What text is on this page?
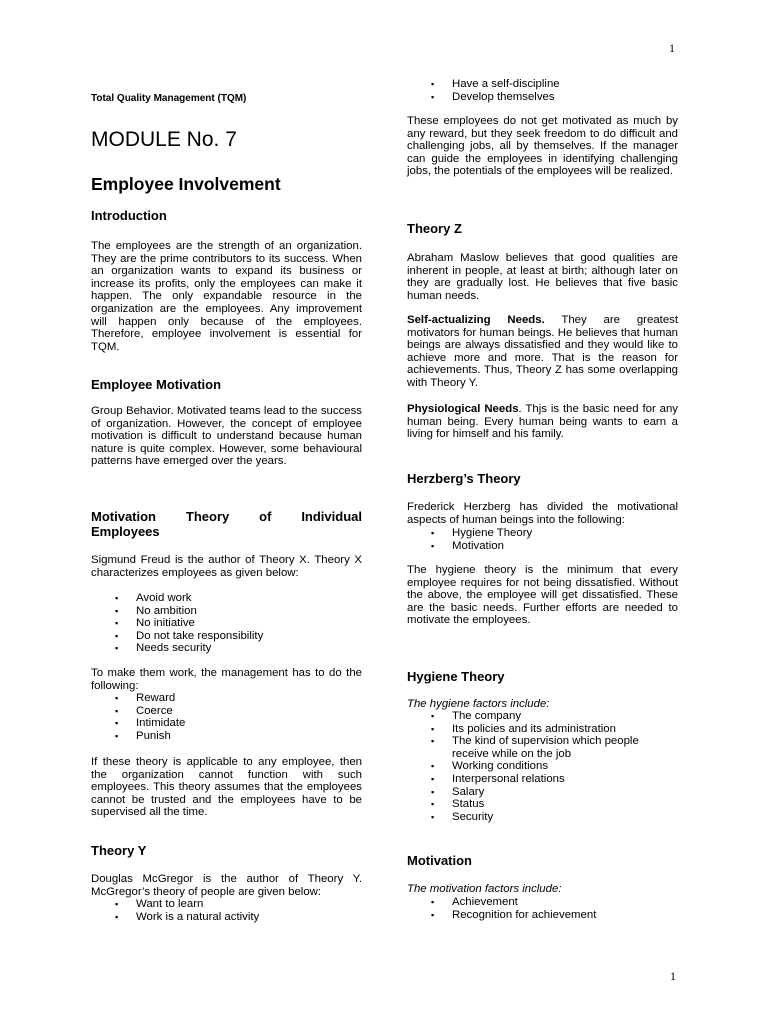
1
1
Total Quality Management (TQM)
MODULE No. 7
Employee Involvement
Introduction

The employees are the strength of an organization. They are the prime contributors to its success. When an organization wants to expand its business or increase its profits, only the employees can make it happen. The only expandable resource in the organization are the employees. Any improvement will happen only because of the employees. Therefore, employee involvement is essential for TQM.

Employee Motivation

Group Behavior. Motivated teams lead to the success of organization. However, the concept of employee motivation is difficult to understand because human nature is quite complex. However, some behavioural patterns have emerged over the years.

Motivation Theory of Individual
Employees

Sigmund Freud is the author of Theory X. Theory X characterizes employees as given below:

▪ Avoid work
▪ No ambition
▪ No initiative
▪ Do not take responsibility
▪ Needs security

To make them work, the management has to do the following:

▪ Reward
▪ Coerce
▪ Intimidate
▪ Punish

If these theory is applicable to any employee, then the organization cannot function with such employees. This theory assumes that the employees cannot be trusted and the employees have to be supervised all the time.

Theory Y

Douglas McGregor is the author of Theory Y. McGregor’s theory of people are given below:

▪ Want to learn
▪ Work is a natural activity
▪ Have a self-discipline
▪ Develop themselves

These employees do not get motivated as much by any reward, but they seek freedom to do difficult and challenging jobs, all by themselves. If the manager can guide the employees in identifying challenging jobs, the potentials of the employees will be realized.

Theory Z

Abraham Maslow believes that good qualities are inherent in people, at least at birth; although later on they are gradually lost. He believes that five basic human needs.

Self-actualizing Needs. They are greatest motivators for human beings. He believes that human beings are always dissatisfied and they would like to achieve more and more. That is the reason for achievements. Thus, Theory Z has some overlapping with Theory Y.

Physiological Needs. Thjs is the basic need for any human being. Every human being wants to earn a living for himself and his family.

Herzberg’s Theory

Frederick Herzberg has divided the motivational aspects of human beings into the following:

▪ Hygiene Theory
▪ Motivation

The hygiene theory is the minimum that every employee requires for not being dissatisfied. Without the above, the employee will get dissatisfied. These are the basic needs. Further efforts are needed to motivate the employees.

Hygiene Theory

The hygiene factors include:

▪ The company
▪ Its policies and its administration
▪ The kind of supervision which people receive while on the job
▪ Working conditions
▪ Interpersonal relations
▪ Salary
▪ Status
▪ Security
Motivation

The motivation factors include:

▪ Achievement
▪ Recognition for achievement
